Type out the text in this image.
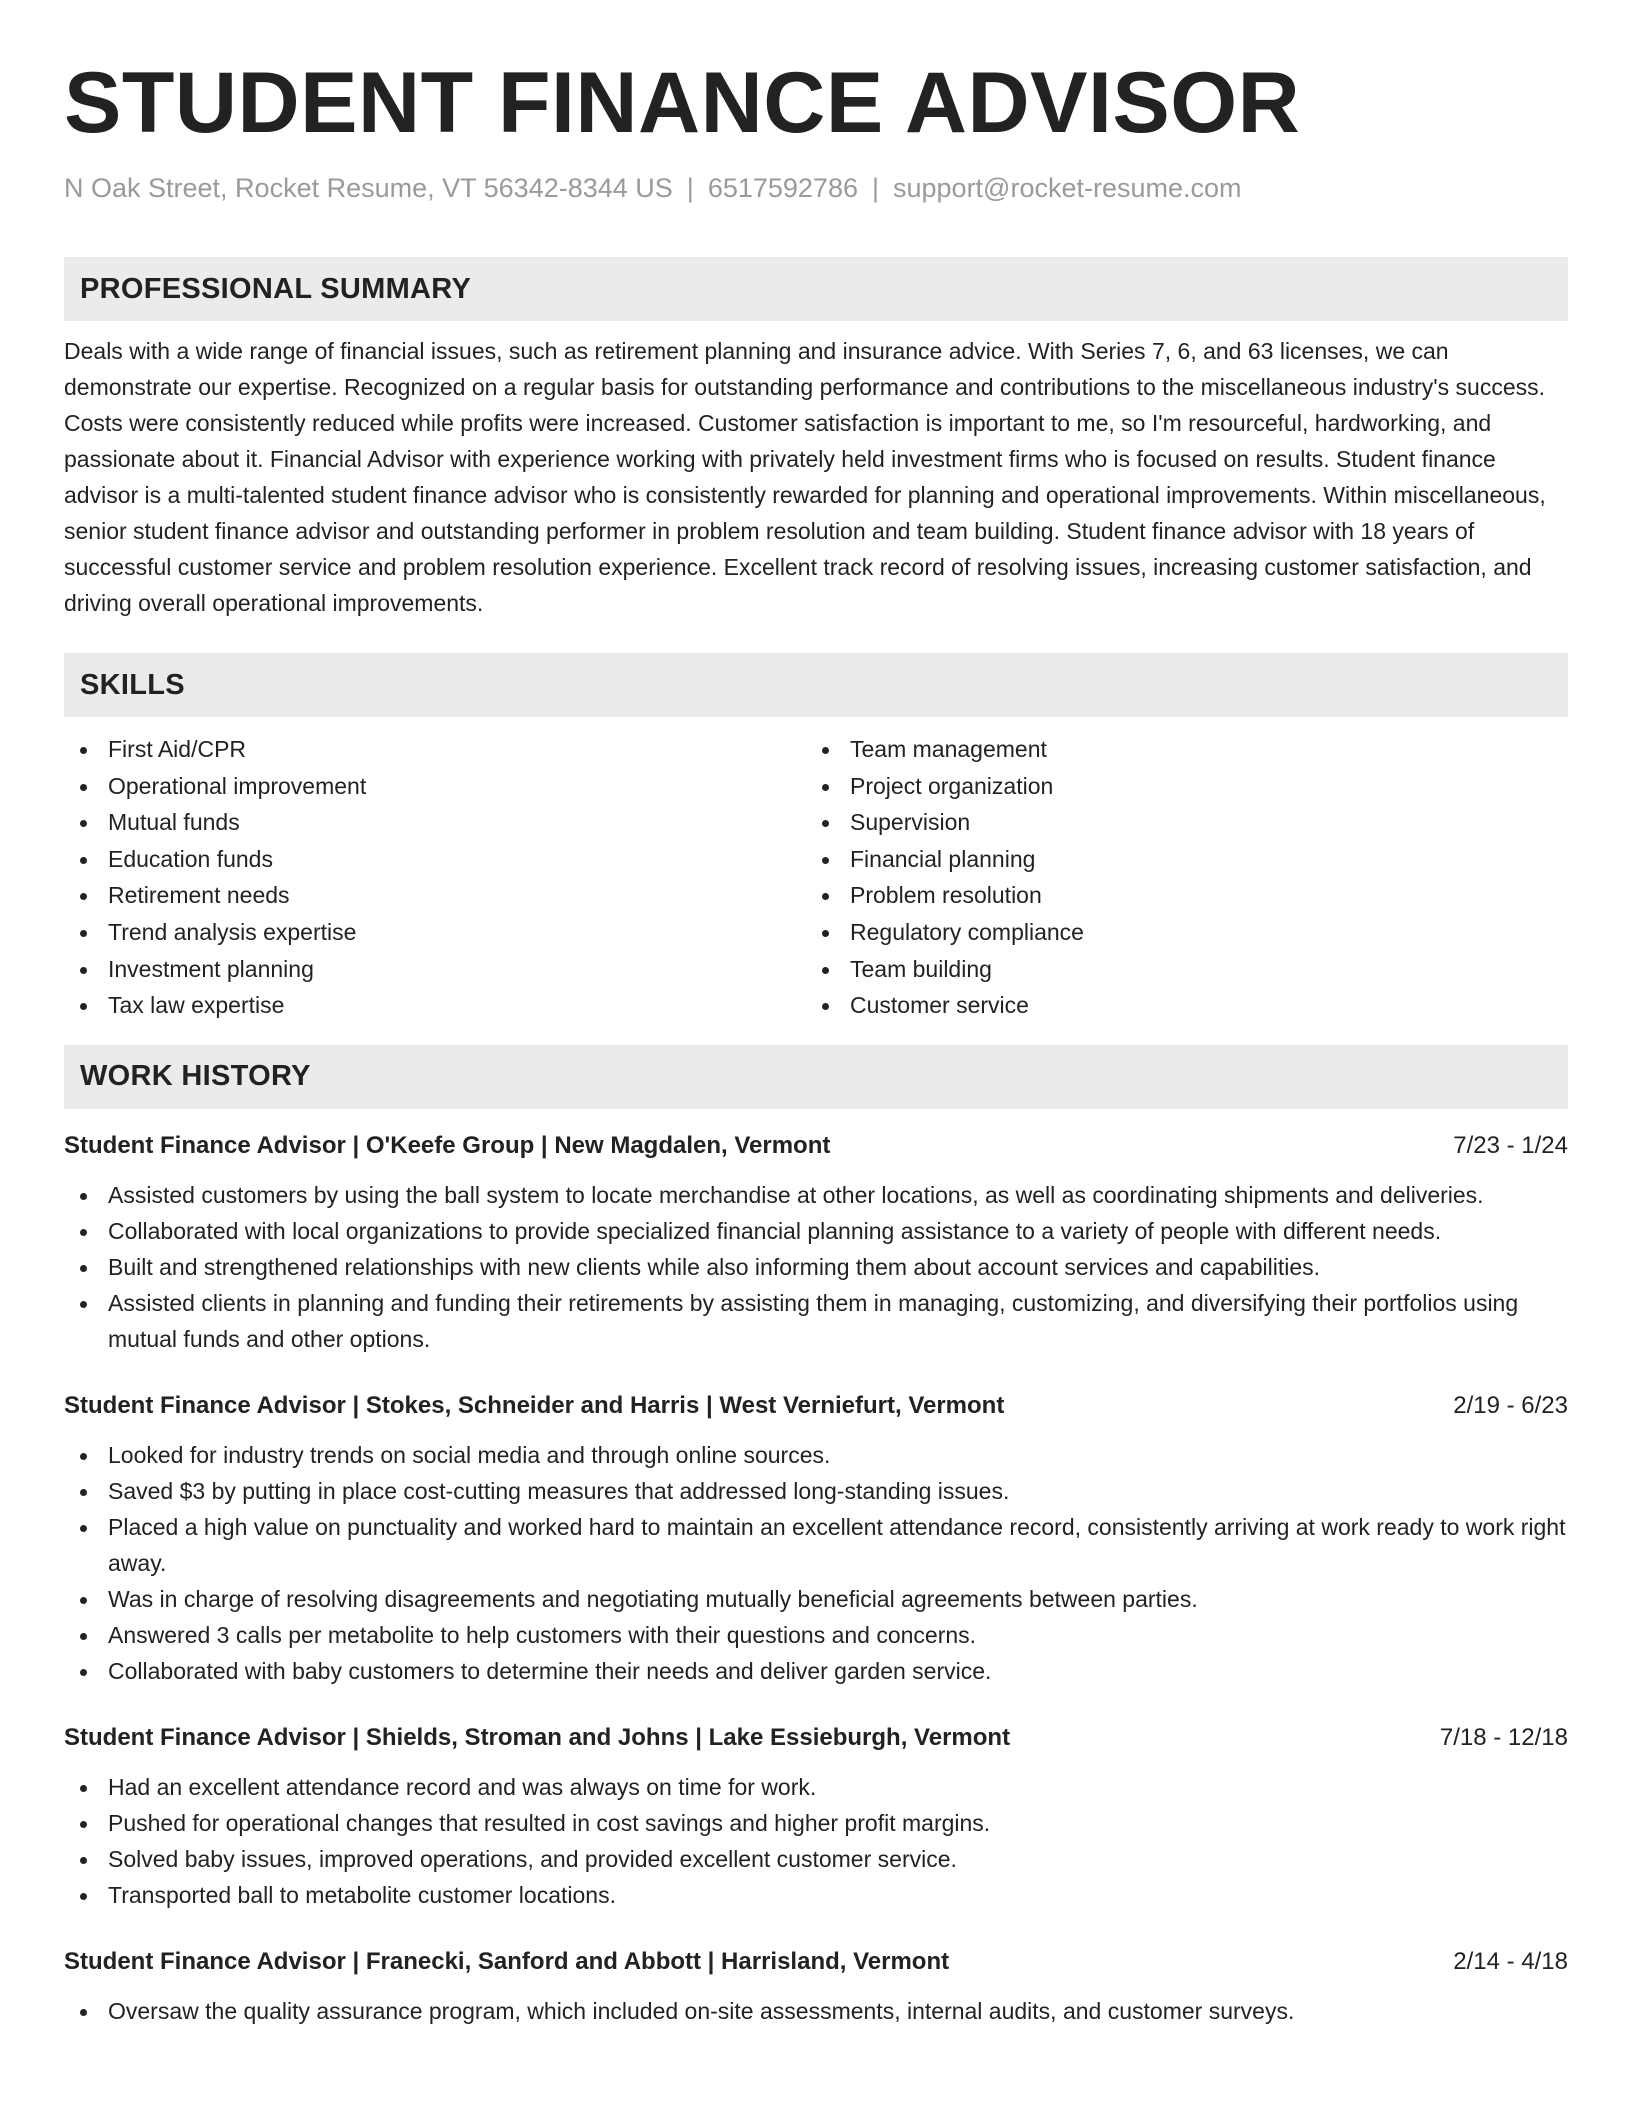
STUDENT FINANCE ADVISOR
N Oak Street, Rocket Resume, VT 56342-8344 US | 6517592786 | support@rocket-resume.com
PROFESSIONAL SUMMARY
Deals with a wide range of financial issues, such as retirement planning and insurance advice. With Series 7, 6, and 63 licenses, we can demonstrate our expertise. Recognized on a regular basis for outstanding performance and contributions to the miscellaneous industry's success. Costs were consistently reduced while profits were increased. Customer satisfaction is important to me, so I'm resourceful, hardworking, and passionate about it. Financial Advisor with experience working with privately held investment firms who is focused on results. Student finance advisor is a multi-talented student finance advisor who is consistently rewarded for planning and operational improvements. Within miscellaneous, senior student finance advisor and outstanding performer in problem resolution and team building. Student finance advisor with 18 years of successful customer service and problem resolution experience. Excellent track record of resolving issues, increasing customer satisfaction, and driving overall operational improvements.
SKILLS
First Aid/CPR
Operational improvement
Mutual funds
Education funds
Retirement needs
Trend analysis expertise
Investment planning
Tax law expertise
Team management
Project organization
Supervision
Financial planning
Problem resolution
Regulatory compliance
Team building
Customer service
WORK HISTORY
Student Finance Advisor | O'Keefe Group | New Magdalen, Vermont	7/23 - 1/24
Assisted customers by using the ball system to locate merchandise at other locations, as well as coordinating shipments and deliveries.
Collaborated with local organizations to provide specialized financial planning assistance to a variety of people with different needs.
Built and strengthened relationships with new clients while also informing them about account services and capabilities.
Assisted clients in planning and funding their retirements by assisting them in managing, customizing, and diversifying their portfolios using mutual funds and other options.
Student Finance Advisor | Stokes, Schneider and Harris | West Verniefurt, Vermont	2/19 - 6/23
Looked for industry trends on social media and through online sources.
Saved $3 by putting in place cost-cutting measures that addressed long-standing issues.
Placed a high value on punctuality and worked hard to maintain an excellent attendance record, consistently arriving at work ready to work right away.
Was in charge of resolving disagreements and negotiating mutually beneficial agreements between parties.
Answered 3 calls per metabolite to help customers with their questions and concerns.
Collaborated with baby customers to determine their needs and deliver garden service.
Student Finance Advisor | Shields, Stroman and Johns | Lake Essieburgh, Vermont	7/18 - 12/18
Had an excellent attendance record and was always on time for work.
Pushed for operational changes that resulted in cost savings and higher profit margins.
Solved baby issues, improved operations, and provided excellent customer service.
Transported ball to metabolite customer locations.
Student Finance Advisor | Franecki, Sanford and Abbott | Harrisland, Vermont	2/14 - 4/18
Oversaw the quality assurance program, which included on-site assessments, internal audits, and customer surveys.
